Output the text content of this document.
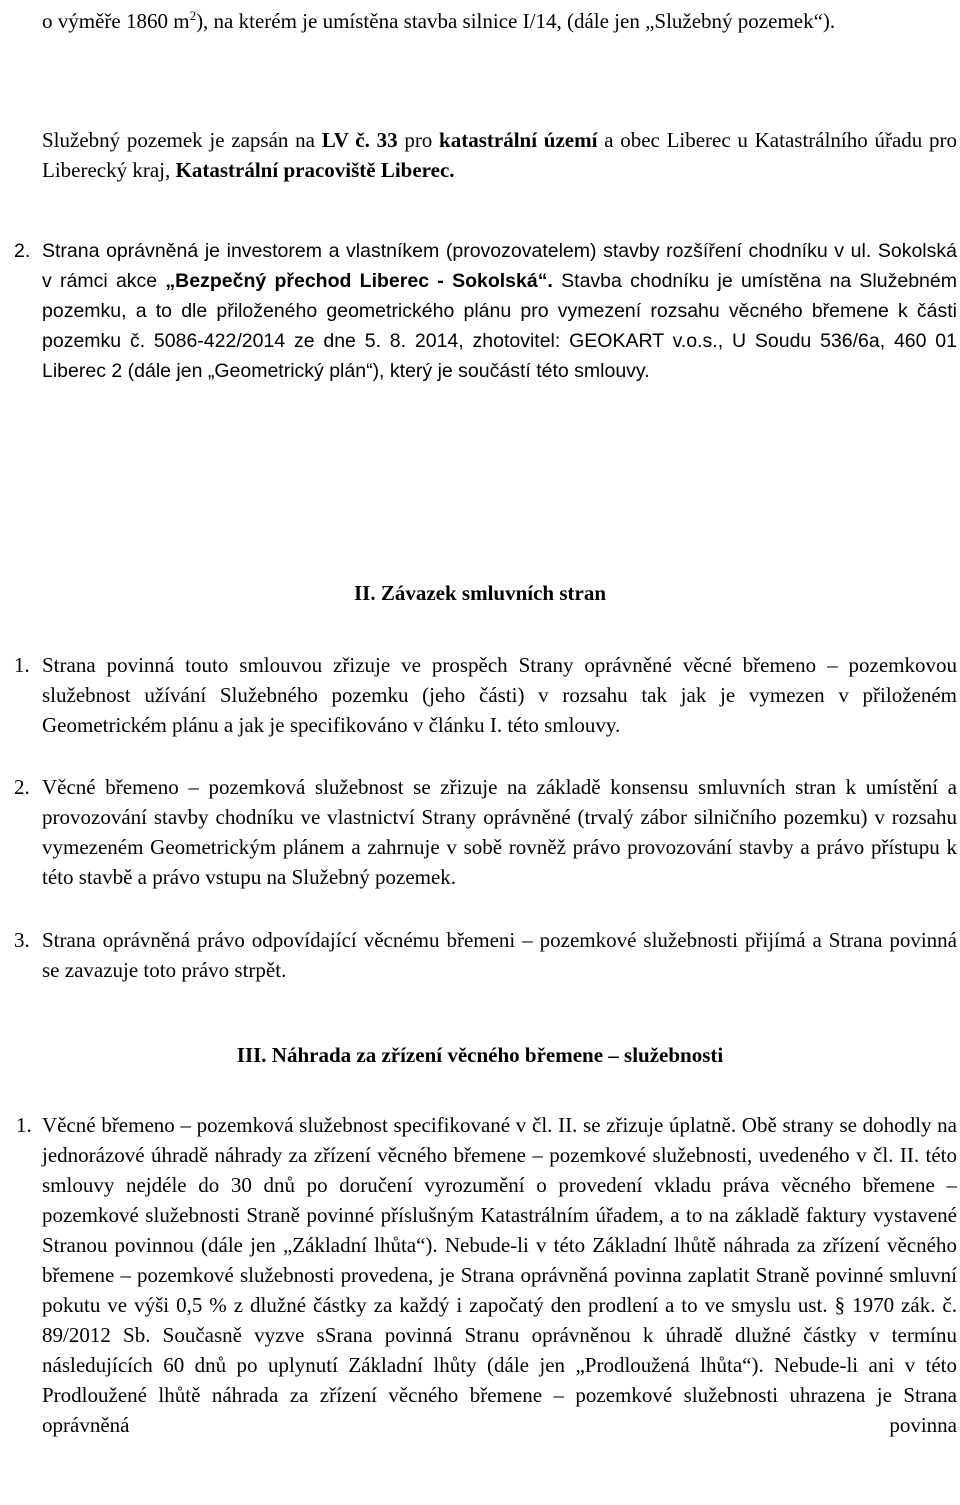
o výměře 1860 $m^2$), na kterém je umístěna stavba silnice I/14, (dále jen „Služebný pozemek“).

Služebný pozemek je zapsán na LV č. 33 pro katastrální území a obec Liberec u Katastrálního úřadu pro Liberecký kraj, Katastrální pracoviště Liberec.

2. Strana oprávněná je investorem a vlastníkem (provozovatelem) stavby rozšíření chodníku v ul. Sokolská v rámci akce „Bezpečný přechod Liberec - Sokolská“. Stavba chodníku je umístěna na Služebném pozemku, a to dle přiloženého geometrického plánu pro vymezení rozsahu věcného břemene k části pozemku č. 5086-422/2014 ze dne 5. 8. 2014, zhotovitel: GEOKART v.o.s., U Soudu 536/6a, 460 01 Liberec 2 (dále jen „Geometrický plán“), který je součástí této smlouvy.

II. Závazek smluvních stran
1. Strana povinná touto smlouvou zřizuje ve prospěch Strany oprávněné věcné břemeno – pozemkovou služebnost užívání Služebného pozemku (jeho části) v rozsahu tak jak je vymezen v přiloženém Geometrickém plánu a jak je specifikováno v článku I. této smlouvy.

2. Věcné břemeno – pozemková služebnost se zřizuje na základě konsensu smluvních stran k umístění a provozování stavby chodníku ve vlastnictví Strany oprávněné (trvalý zábor silničního pozemku) v rozsahu vymezeném Geometrickým plánem a zahrnuje v sobě rovněž právo provozování stavby a právo přístupu k této stavbě a právo vstupu na Služebný pozemek.

3. Strana oprávněná právo odpovídající věcnému břemeni – pozemkové služebnosti přijímá a Strana povinná se zavazuje toto právo strpět.

III. Náhrada za zřízení věcného břemene – služebnosti
1. Věcné břemeno – pozemková služebnost specifikované v čl. II. se zřizuje úplatně. Obě strany se dohodly na jednorázové úhradě náhrady za zřízení věcného břemene – pozemkové služebnosti, uvedeného v čl. II. této smlouvy nejdéle do 30 dnů po doručení vyrozumění o provedení vkladu práva věcného břemene – pozemkové služebnosti Straně povinné příslušným Katastrálním úřadem, a to na základě faktury vystavené Stranou povinnou (dále jen „Základní lhůta“). Nebude-li v této Základní lhůtě náhrada za zřízení věcného břemene – pozemkové služebnosti provedena, je Strana oprávněná povinna zaplatit Straně povinné smluvní pokutu ve výši 0,5 % z dlužné částky za každý i započatý den prodlení a to ve smyslu ust. § 1970 zák. č. 89/2012 Sb. Současně vyzve sSrana povinná Stranu oprávněnou k úhradě dlužné částky v termínu následujících 60 dnů po uplynutí Základní lhůty (dále jen „Prodloužená lhůta“). Nebude-li ani v této Prodloužené lhůtě náhrada za zřízení věcného břemene – pozemkové služebnosti uhrazena je Strana oprávněná povinna
